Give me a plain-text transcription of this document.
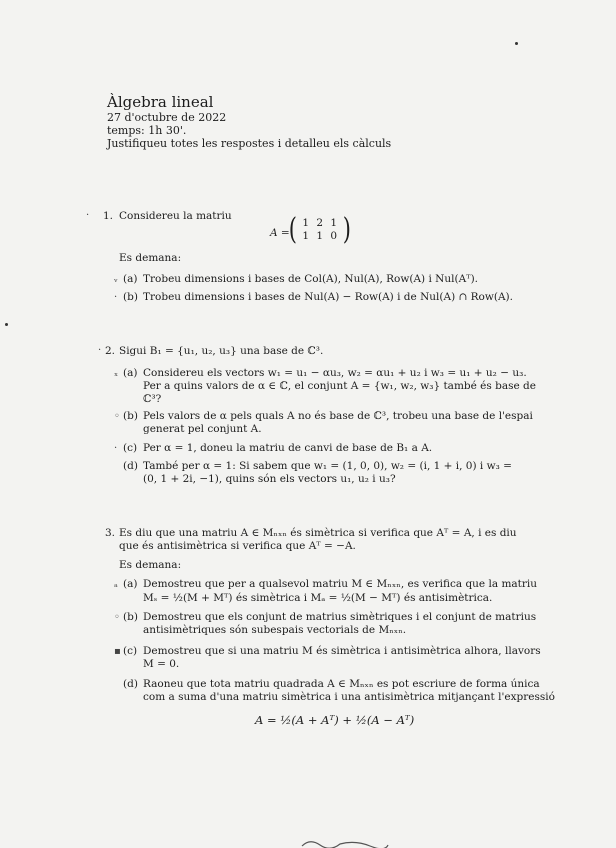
Àlgebra lineal
27 d'octubre de 2022
temps: 1h 30'.
Justifiqueu totes les respostes i detalleu els càlculs
· 1. Considereu la matriu
A = ( 1 2 1
1 1 0 )
Es demana:
ᵥ (a) Trobeu dimensions i bases de Col(A), Nul(A), Row(A) i Nul(Aᵀ).
· (b) Trobeu dimensions i bases de Nul(A) − Row(A) i de Nul(A) ∩ Row(A).
· 2. Sigui B₁ = {u₁, u₂, u₃} una base de ℂ³.
ₓ (a) Considereu els vectors w₁ = u₁ − αu₃, w₂ = αu₁ + u₂ i w₃ = u₁ + u₂ − u₃.
Per a quins valors de α ∈ ℂ, el conjunt A = {w₁, w₂, w₃} també és base de
ℂ³?
◦ (b) Pels valors de α pels quals A no és base de ℂ³, trobeu una base de l'espai
generat pel conjunt A.
· (c) Per α = 1, doneu la matriu de canvi de base de B₁ a A.
(d) També per α = 1: Si sabem que w₁ = (1, 0, 0), w₂ = (i, 1 + i, 0) i w₃ =
(0, 1 + 2i, −1), quins són els vectors u₁, u₂ i u₃?
3. Es diu que una matriu A ∈ Mₙₓₙ és simètrica si verifica que Aᵀ = A, i es diu
que és antisimètrica si verifica que Aᵀ = −A.
Es demana:
ₐ (a) Demostreu que per a qualsevol matriu M ∈ Mₙₓₙ, es verifica que la matriu
Mₛ = ½(M + Mᵀ) és simètrica i Mₐ = ½(M − Mᵀ) és antisimètrica.
◦ (b) Demostreu que els conjunt de matrius simètriques i el conjunt de matrius
antisimètriques són subespais vectorials de Mₙₓₙ.
▪ (c) Demostreu que si una matriu M és simètrica i antisimètrica alhora, llavors
M = 0.
(d) Raoneu que tota matriu quadrada A ∈ Mₙₓₙ es pot escriure de forma única
com a suma d'una matriu simètrica i una antisimètrica mitjançant l'expressió
A = ½(A + Aᵀ) + ½(A − Aᵀ)
